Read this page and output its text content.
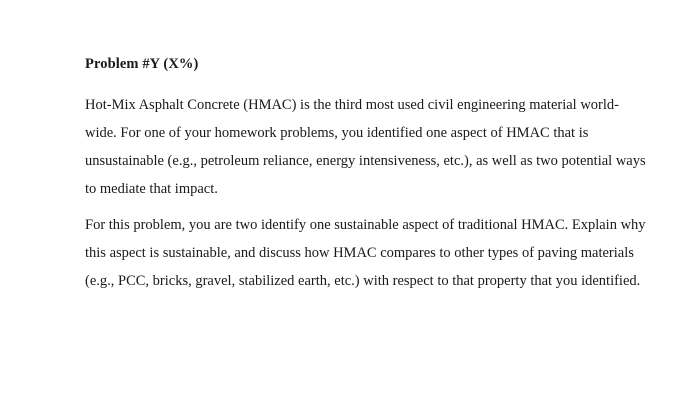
Problem #Y (X%)

Hot-Mix Asphalt Concrete (HMAC) is the third most used civil engineering material world-
wide. For one of your homework problems, you identified one aspect of HMAC that is
unsustainable (e.g., petroleum reliance, energy intensiveness, etc.), as well as two potential ways
to mediate that impact.

For this problem, you are two identify one sustainable aspect of traditional HMAC. Explain why
this aspect is sustainable, and discuss how HMAC compares to other types of paving materials
(e.g., PCC, bricks, gravel, stabilized earth, etc.) with respect to that property that you identified.
